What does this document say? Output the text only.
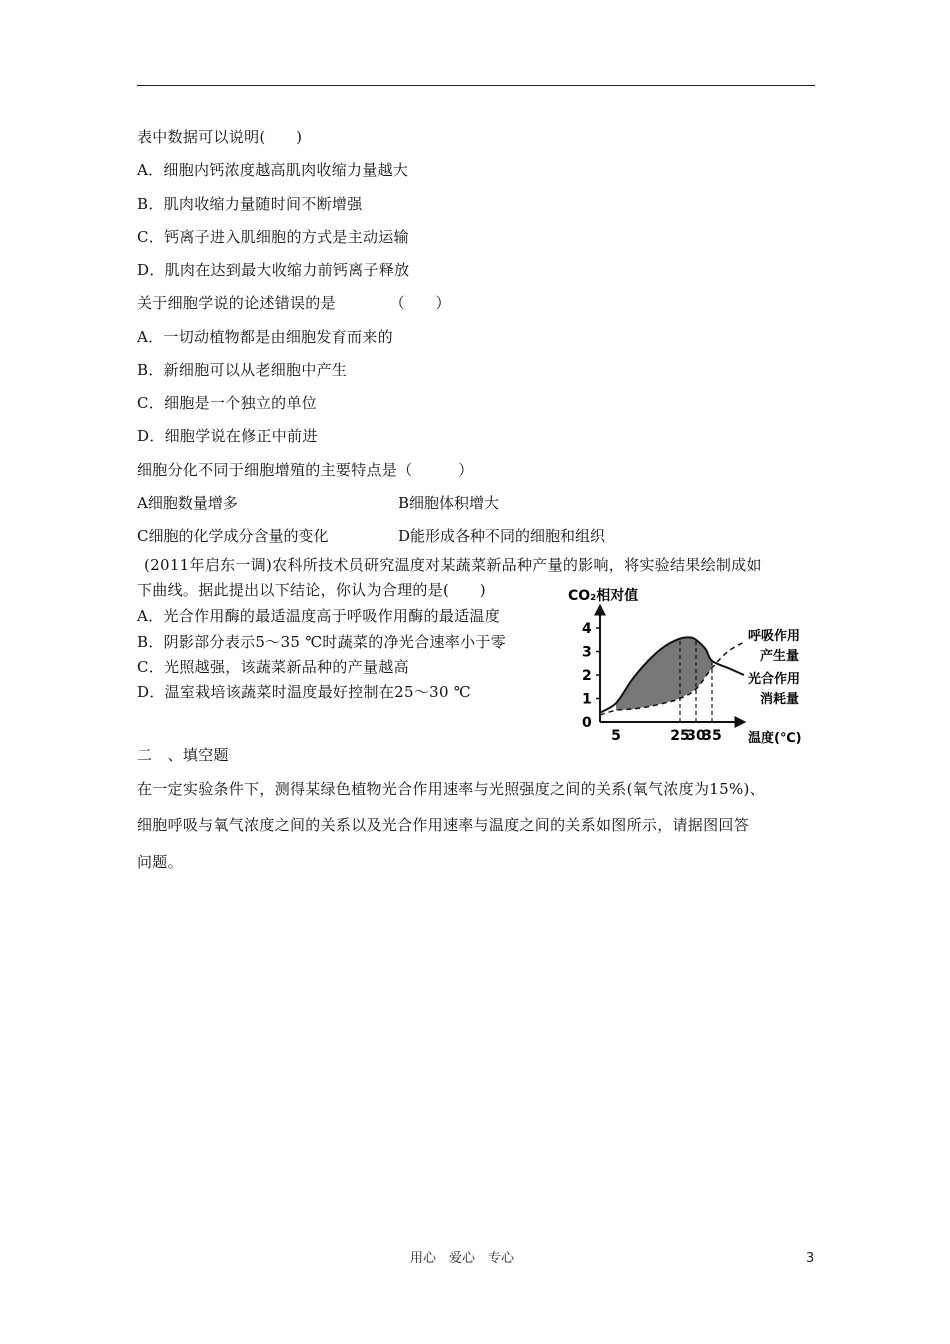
表中数据可以说明(　　)
A．细胞内钙浓度越高肌肉收缩力量越大
B．肌肉收缩力量随时间不断增强
C．钙离子进入肌细胞的方式是主动运输
D．肌肉在达到最大收缩力前钙离子释放
关于细胞学说的论述错误的是　　　　（　　）
A．一切动植物都是由细胞发育而来的
B．新细胞可以从老细胞中产生
C．细胞是一个独立的单位
D．细胞学说在修正中前进
细胞分化不同于细胞增殖的主要特点是（　　　）
A细胞数量增多	B细胞体积增大
C细胞的化学成分含量的变化	D能形成各种不同的细胞和组织
(2011年启东一调)农科所技术员研究温度对某蔬菜新品种产量的影响，将实验结果绘制成如
下曲线。据此提出以下结论，你认为合理的是(　　)
A．光合作用酶的最适温度高于呼吸作用酶的最适温度
B．阴影部分表示5～35 ℃时蔬菜的净光合速率小于零
C．光照越强，该蔬菜新品种的产量越高
D．温室栽培该蔬菜时温度最好控制在25～30 ℃
0
1
2
3
4
5	25
30
35
CO₂相对值
温度(℃)
呼吸作用
产生量
光合作用
消耗量
二　、填空题
在一定实验条件下，测得某绿色植物光合作用速率与光照强度之间的关系(氧气浓度为15%)、
细胞呼吸与氧气浓度之间的关系以及光合作用速率与温度之间的关系如图所示，请据图回答
问题。
用心　爱心　专心	3
